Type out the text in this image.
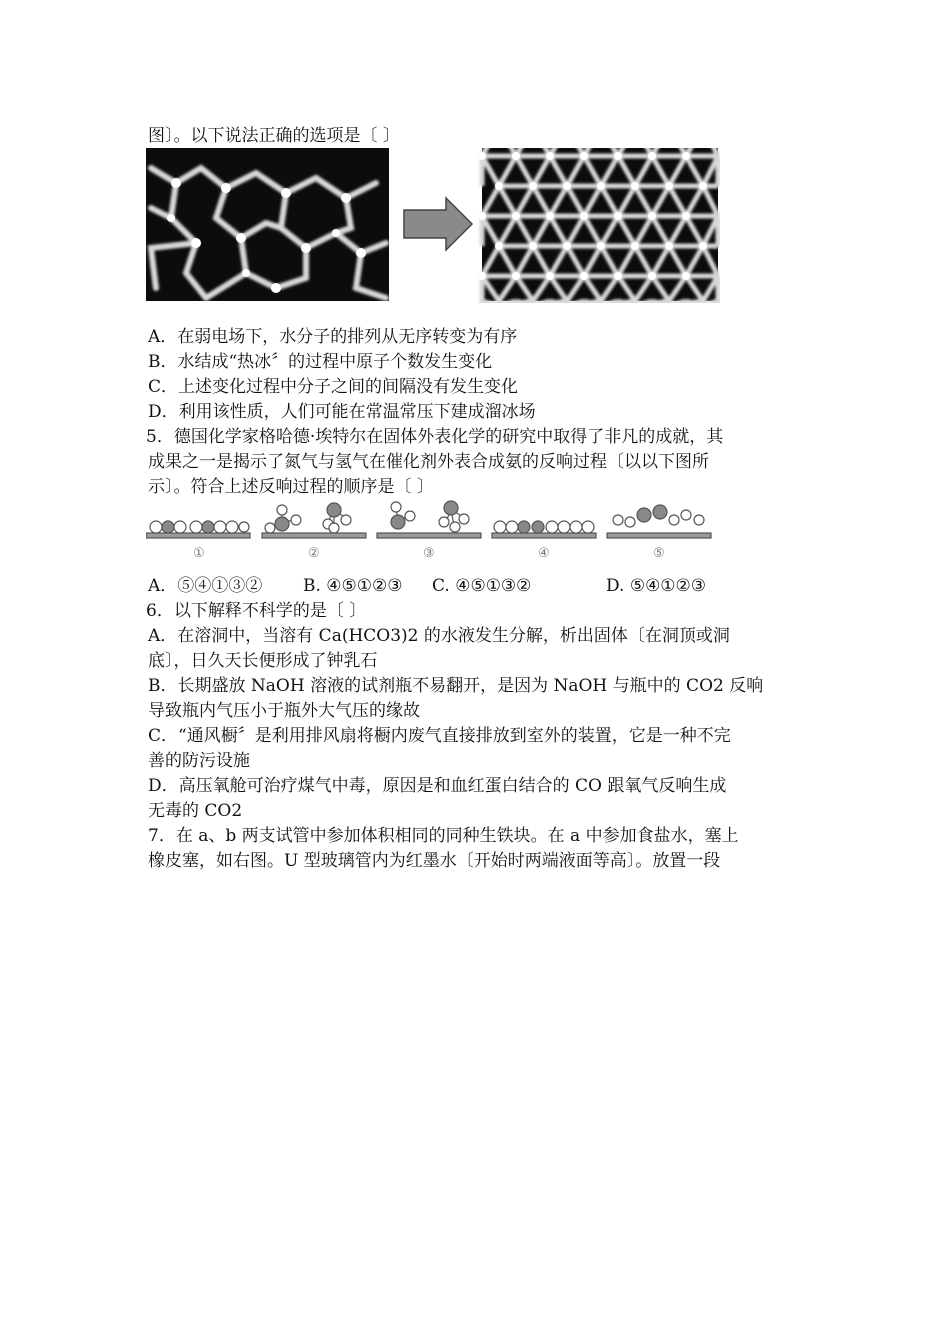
图〕。以下说法正确的选项是〔 〕
A．在弱电场下，水分子的排列从无序转变为有序
B．水结成“热冰〞的过程中原子个数发生变化
C．上述变化过程中分子之间的间隔没有发生变化
D．利用该性质，人们可能在常温常压下建成溜冰场
5．德国化学家格哈德·埃特尔在固体外表化学的研究中取得了非凡的成就，其
成果之一是揭示了氮气与氢气在催化剂外表合成氨的反响过程〔以以下图所
示〕。符合上述反响过程的顺序是〔 〕
①	②	③	④	⑤
A．⑤④①③② B. ④⑤①②③ C. ④⑤①③②	D. ⑤④①②③
6．以下解释不科学的是〔 〕
A．在溶洞中，当溶有 Ca(HCO3)2 的水液发生分解，析出固体〔在洞顶或洞
底〕，日久天长便形成了钟乳石
B．长期盛放 NaOH 溶液的试剂瓶不易翻开，是因为 NaOH 与瓶中的 CO2 反响
导致瓶内气压小于瓶外大气压的缘故
C．“通风橱〞是利用排风扇将橱内废气直接排放到室外的装置，它是一种不完
善的防污设施
D．高压氧舱可治疗煤气中毒，原因是和血红蛋白结合的 CO 跟氧气反响生成
无毒的 CO2
7．在 a、b 两支试管中参加体积相同的同种生铁块。在 a 中参加食盐水，塞上
橡皮塞，如右图。U 型玻璃管内为红墨水〔开始时两端液面等高〕。放置一段
